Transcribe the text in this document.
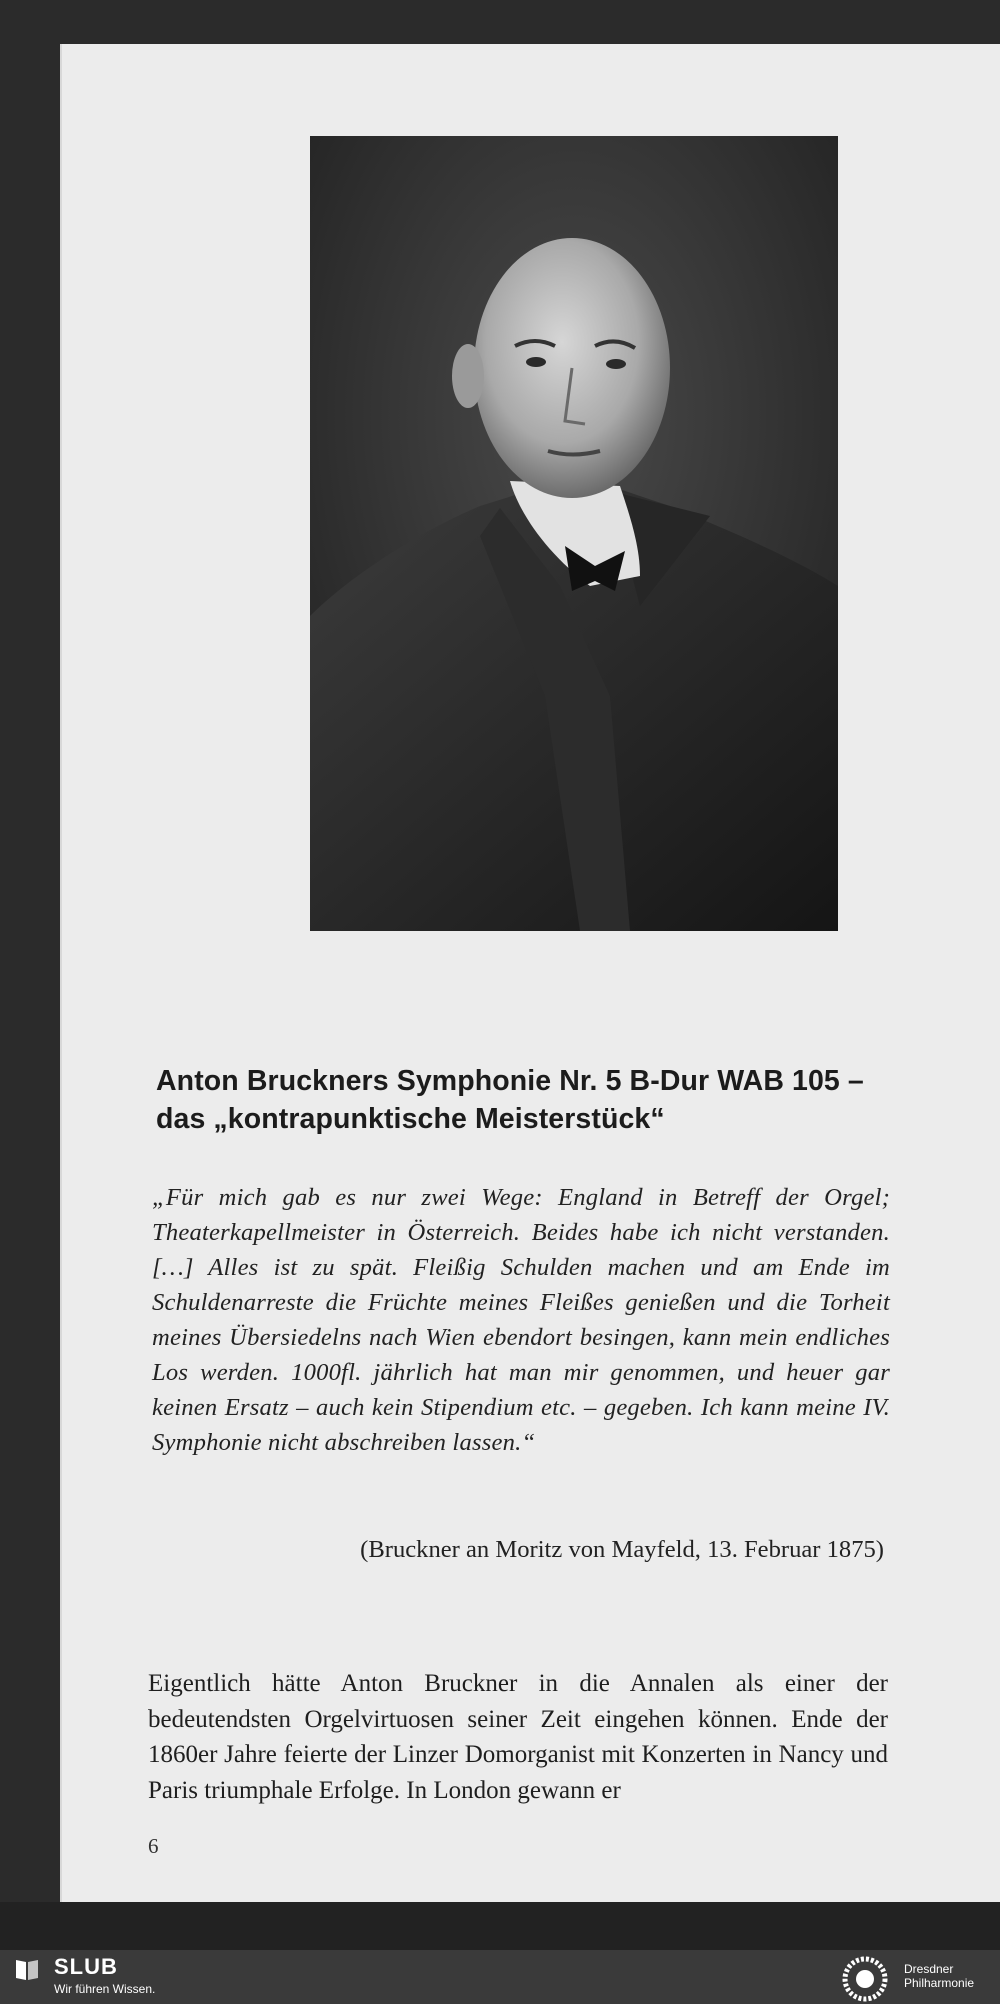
Anton Bruckners Symphonie Nr. 5 B-Dur WAB 105 –
das „kontrapunktische Meisterstück“
„Für mich gab es nur zwei Wege: England in Betreff der Orgel; Theaterkapellmeister in Österreich. Beides habe ich nicht verstanden. […] Alles ist zu spät. Fleißig Schulden machen und am Ende im Schuldenarreste die Früchte meines Fleißes genießen und die Torheit meines Übersiedelns nach Wien ebendort besingen, kann mein endliches Los werden. 1000fl. jährlich hat man mir genommen, und heuer gar keinen Ersatz – auch kein Stipendium etc. – gegeben. Ich kann meine IV. Symphonie nicht abschreiben lassen.“
(Bruckner an Moritz von Mayfeld, 13. Februar 1875)
Eigentlich hätte Anton Bruckner in die Annalen als einer der bedeutendsten Orgelvirtuosen seiner Zeit eingehen können. Ende der 1860er Jahre feierte der Linzer Domorganist mit Konzerten in Nancy und Paris triumphale Erfolge. In London gewann er
6
SLUB
Wir führen Wissen.
Dresdner
Philharmonie
